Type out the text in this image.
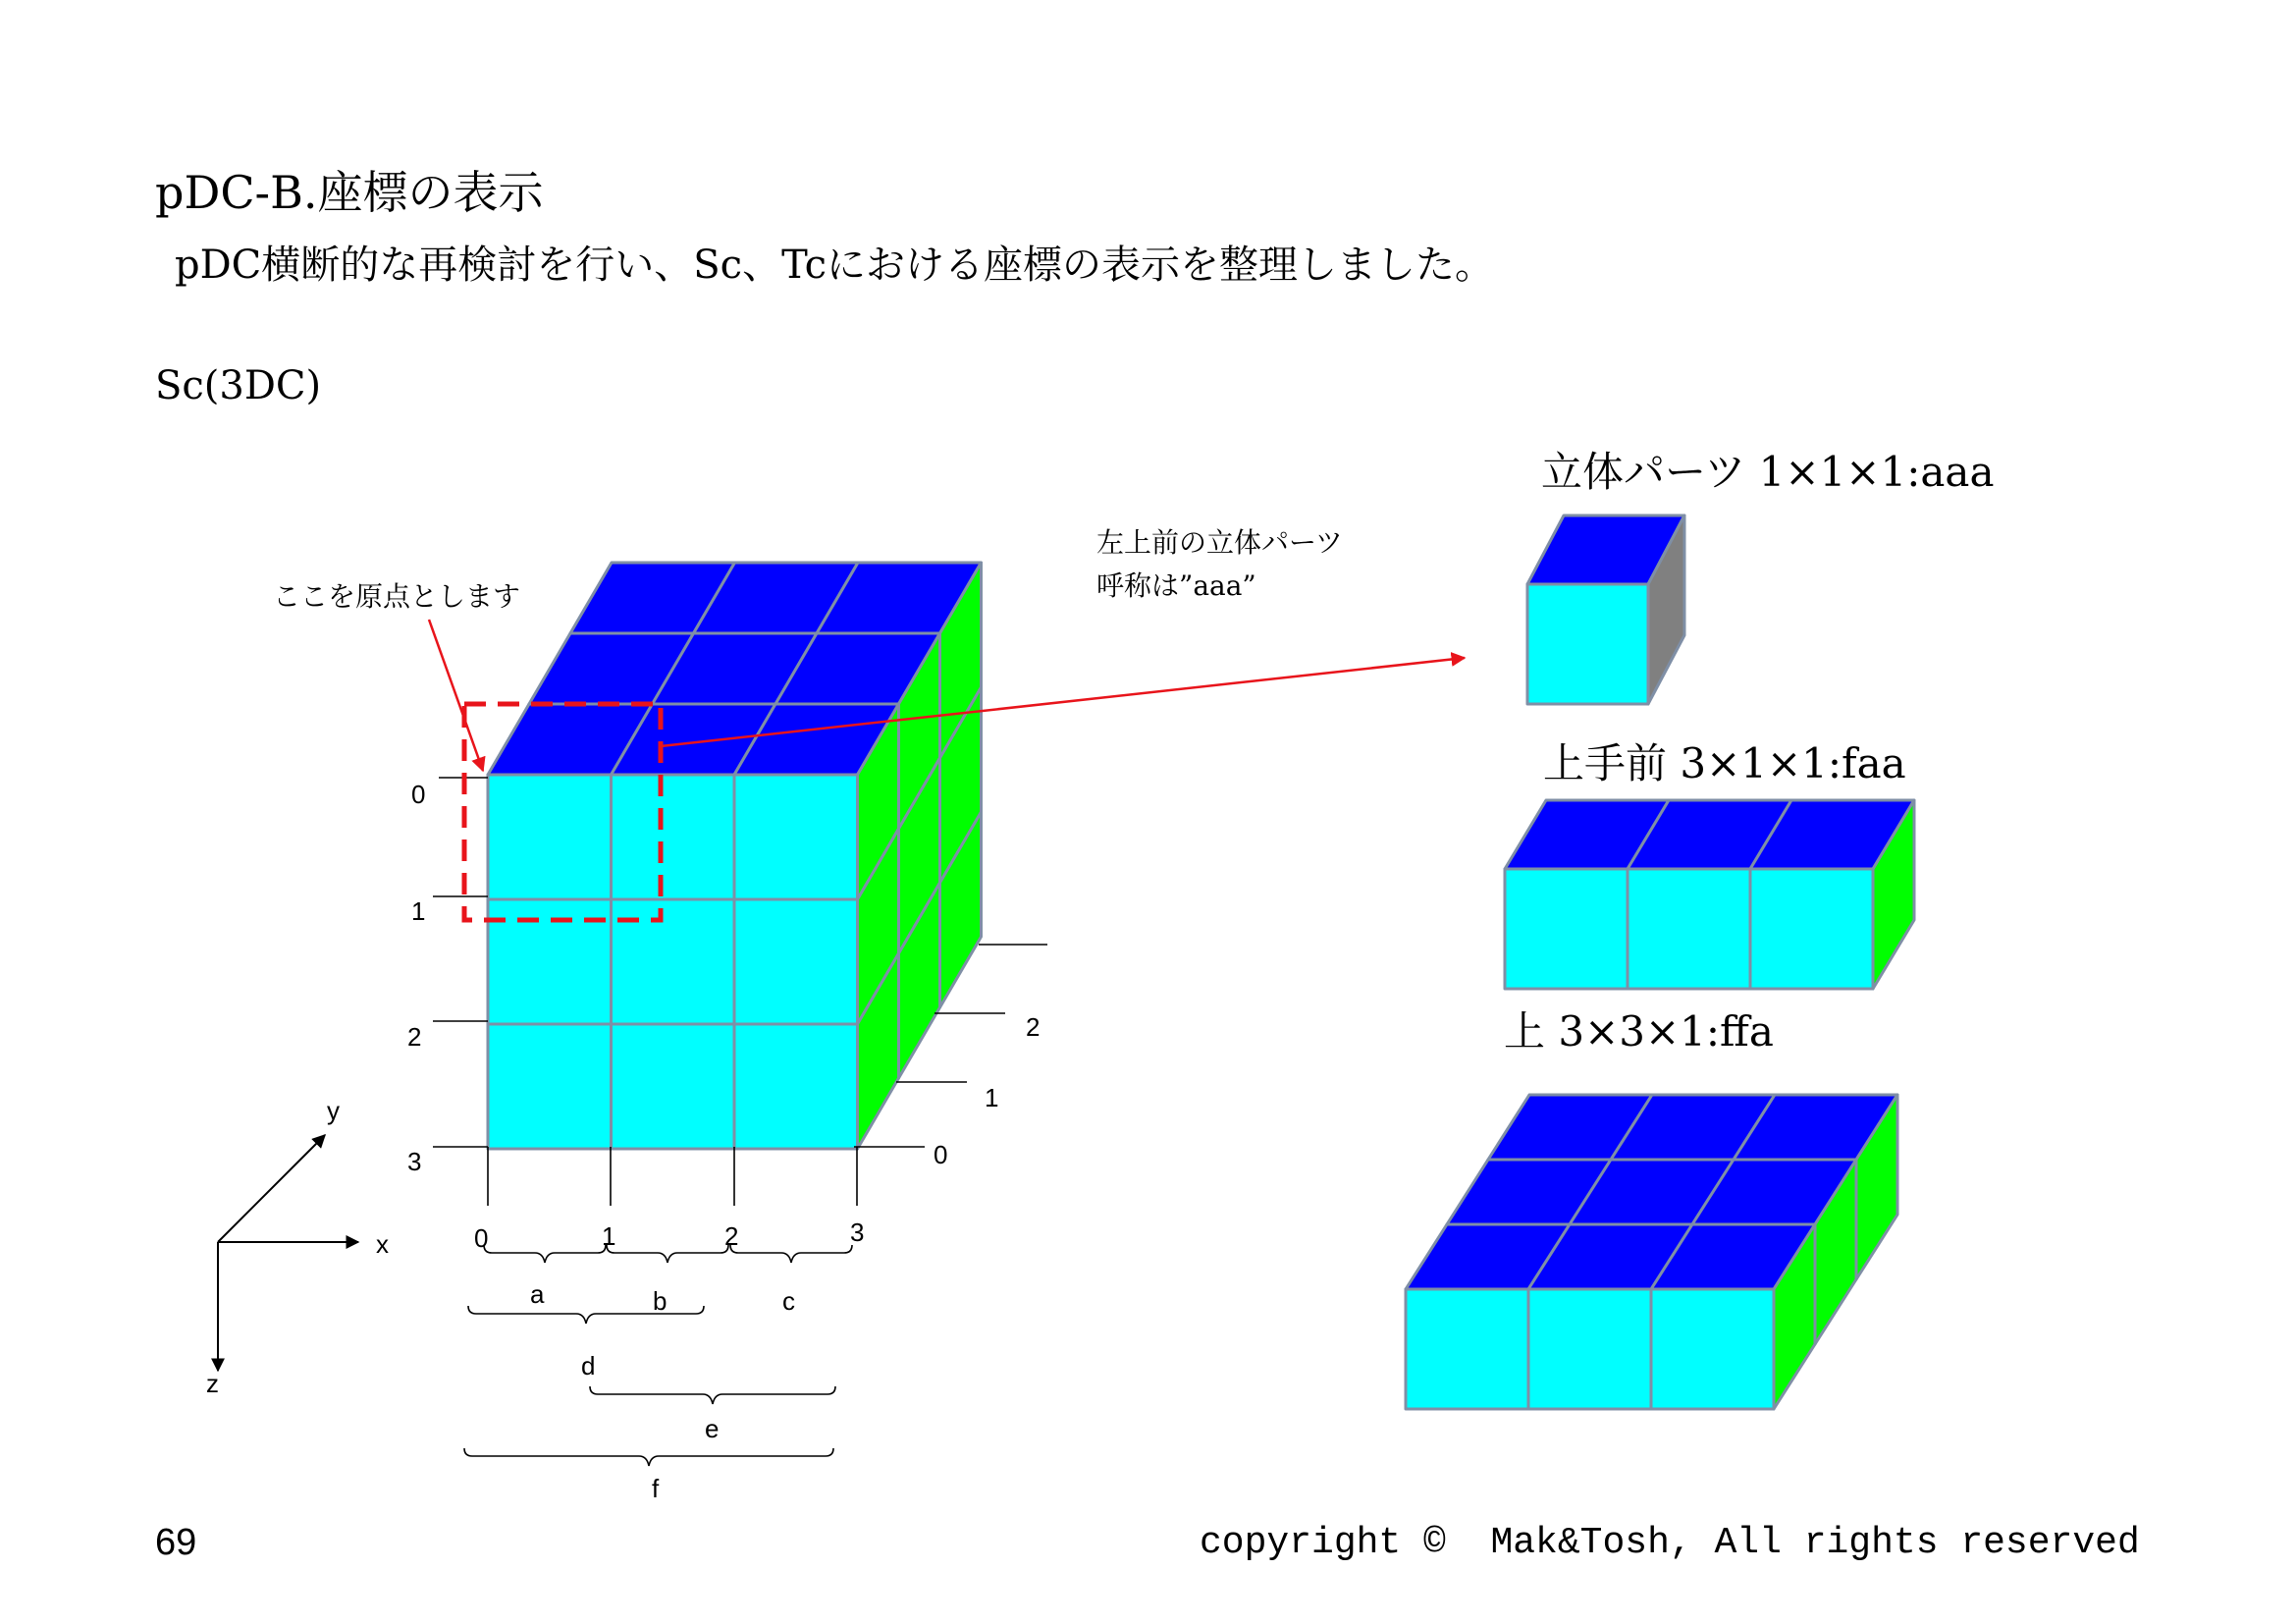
pDC-B.座標の表示
pDC横断的な再検討を行い、Sc、Tcにおける座標の表示を整理しました。
Sc(3DC)
69	copyright ©  Mak&Tosh, All rights reserved
0
1
2
3	0
1
2
0	1	2	3
a	b	c
d
e
f
x
y
z
ここを原点とします
左上前の立体パーツ
呼称は”aaa”
立体パーツ 1×1×1:aaa
上手前 3×1×1:faa
上 3×3×1:ffa
